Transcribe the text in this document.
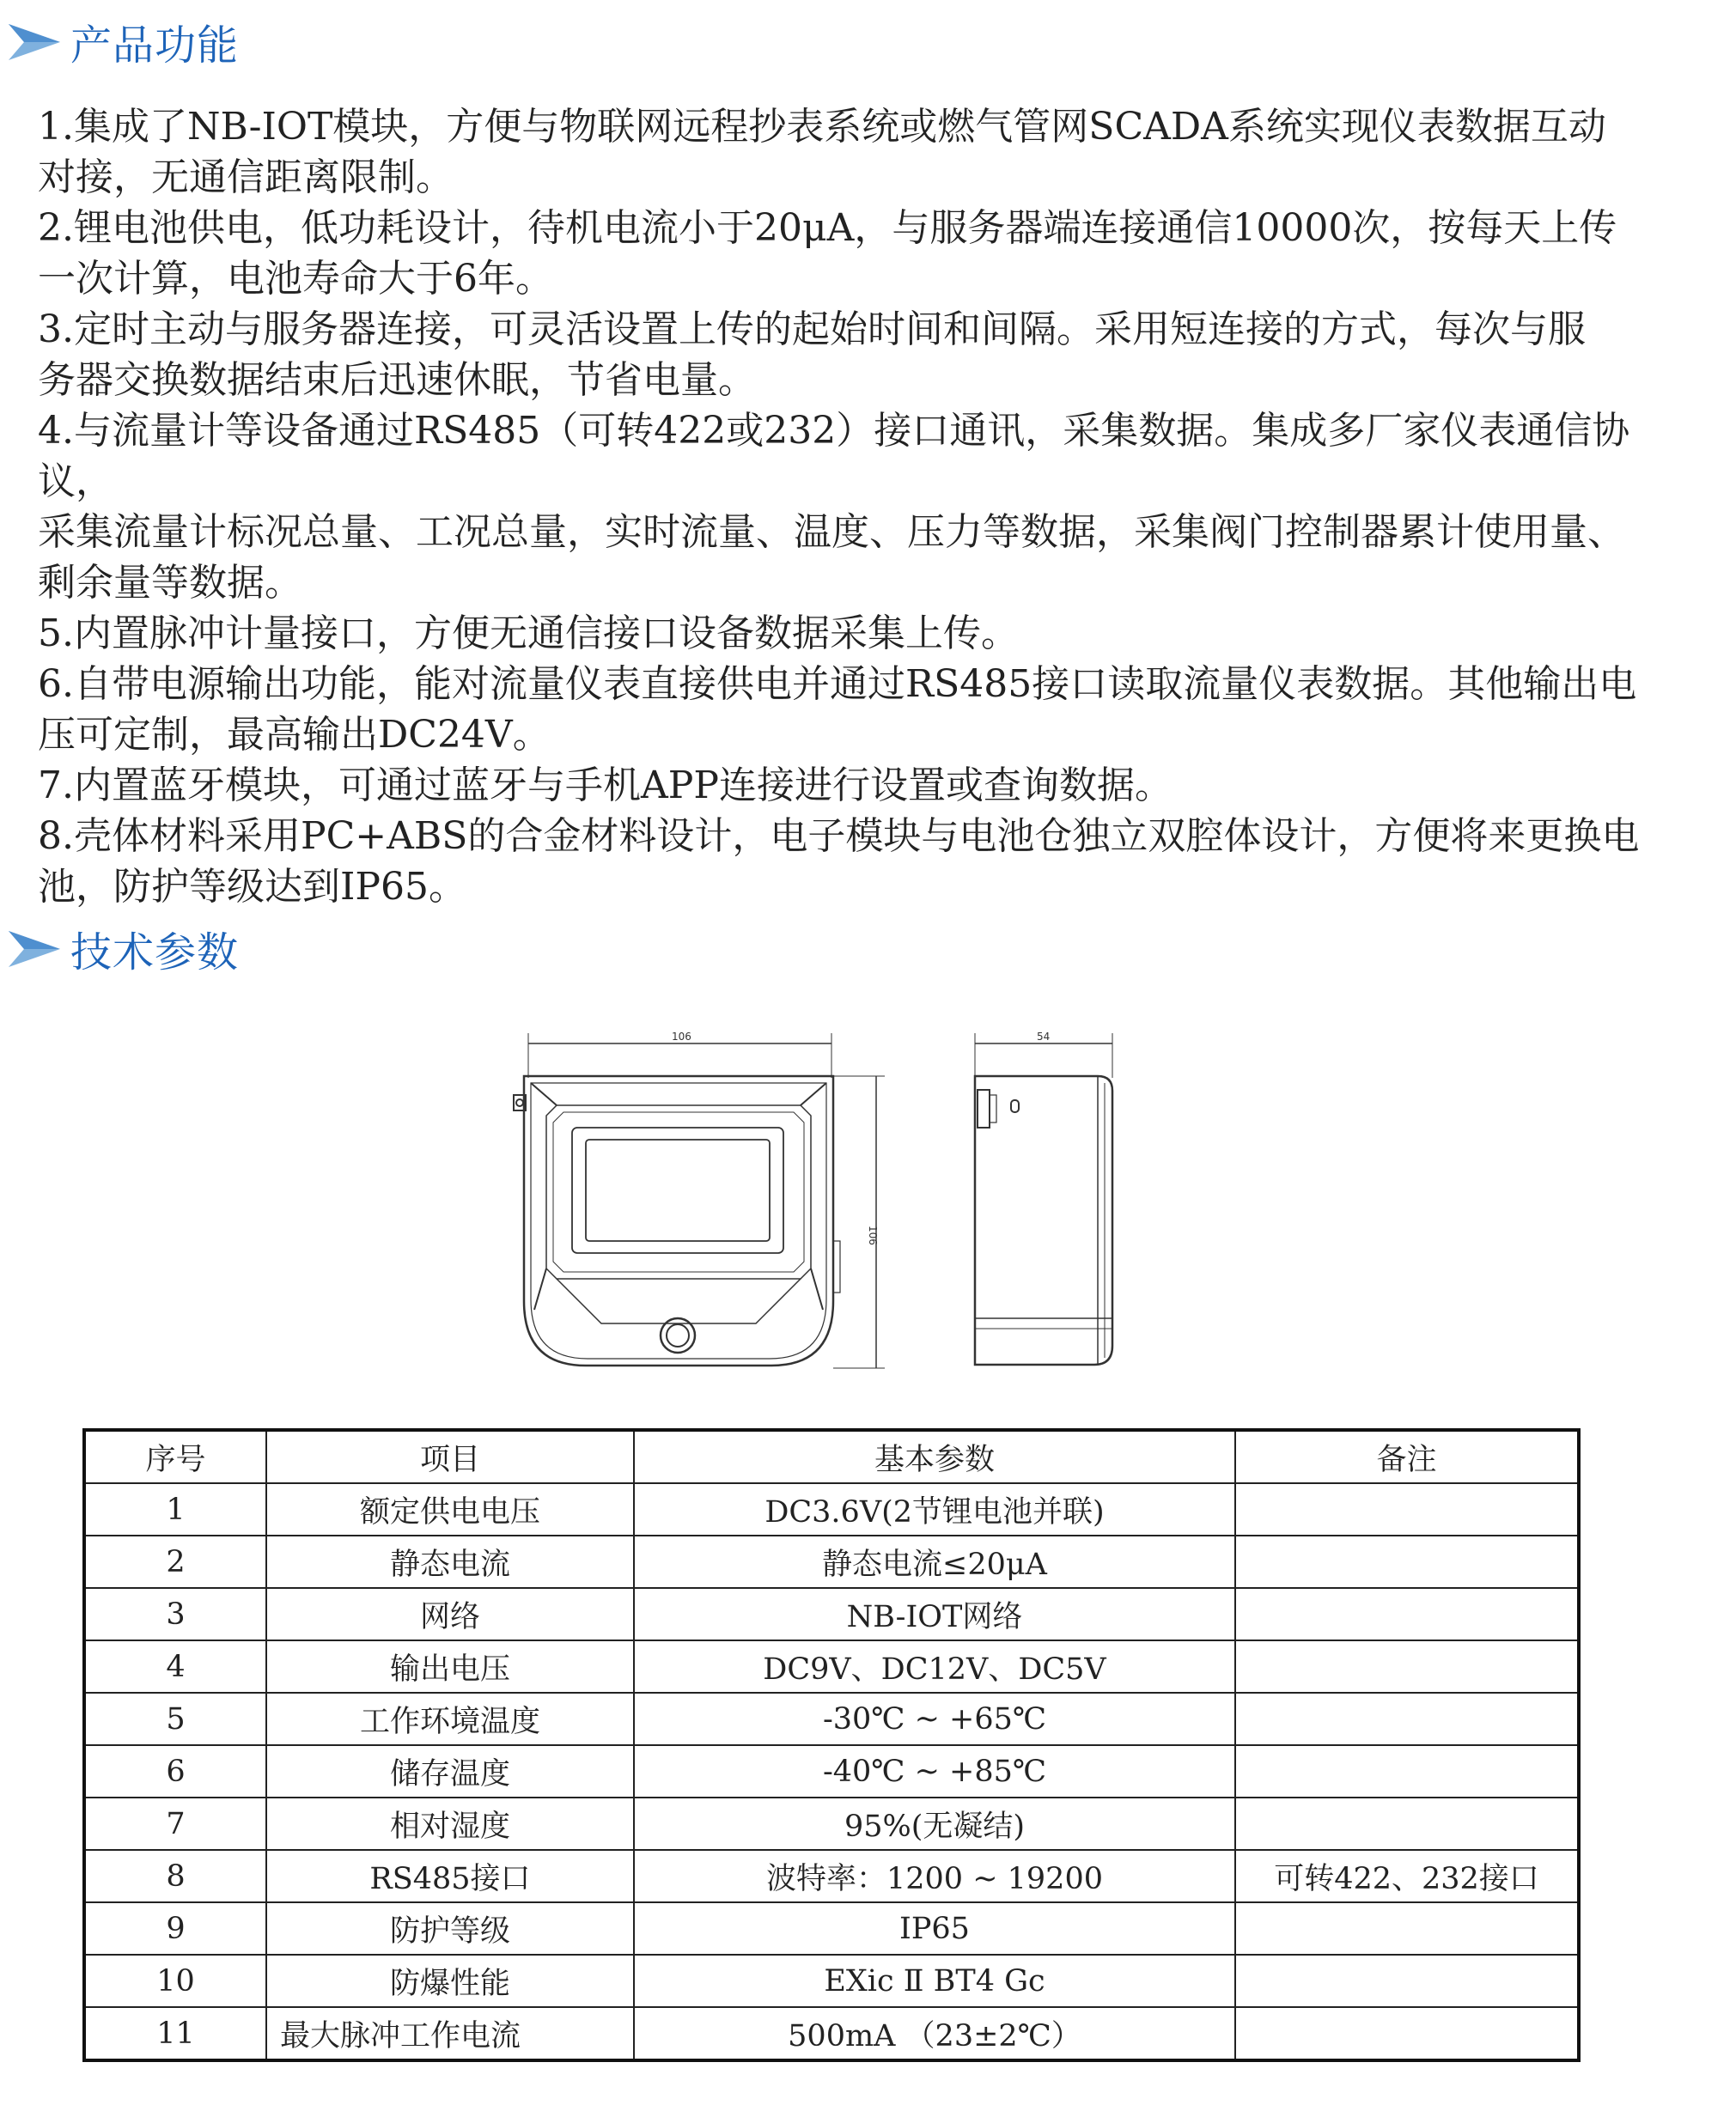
产品功能
1.集成了NB-IOT模块，方便与物联网远程抄表系统或燃气管网SCADA系统实现仪表数据互动
对接，无通信距离限制。
2.锂电池供电，低功耗设计，待机电流小于20μA，与服务器端连接通信10000次，按每天上传
一次计算，电池寿命大于6年。
3.定时主动与服务器连接，可灵活设置上传的起始时间和间隔。采用短连接的方式，每次与服
务器交换数据结束后迅速休眠，节省电量。
4.与流量计等设备通过RS485（可转422或232）接口通讯，采集数据。集成多厂家仪表通信协议，
采集流量计标况总量、工况总量，实时流量、温度、压力等数据，采集阀门控制器累计使用量、
剩余量等数据。
5.内置脉冲计量接口，方便无通信接口设备数据采集上传。
6.自带电源输出功能，能对流量仪表直接供电并通过RS485接口读取流量仪表数据。其他输出电
压可定制，最高输出DC24V。
7.内置蓝牙模块，可通过蓝牙与手机APP连接进行设置或查询数据。
8.壳体材料采用PC+ABS的合金材料设计，电子模块与电池仓独立双腔体设计，方便将来更换电
池，防护等级达到IP65。
技术参数
106
106
54
序号	项目	基本参数	备注
1	额定供电电压	DC3.6V(2节锂电池并联)	
2	静态电流	静态电流≤20μA	
3	网络	NB-IOT网络	
4	输出电压	DC9V、DC12V、DC5V	
5	工作环境温度	-30℃ ~ +65℃	
6	储存温度	-40℃ ~ +85℃	
7	相对湿度	95%(无凝结)	
8	RS485接口	波特率：1200 ~ 19200	可转422、232接口
9	防护等级	IP65	
10	防爆性能	EXic Ⅱ BT4 Gc	
11	最大脉冲工作电流	500mA （23±2℃）	
